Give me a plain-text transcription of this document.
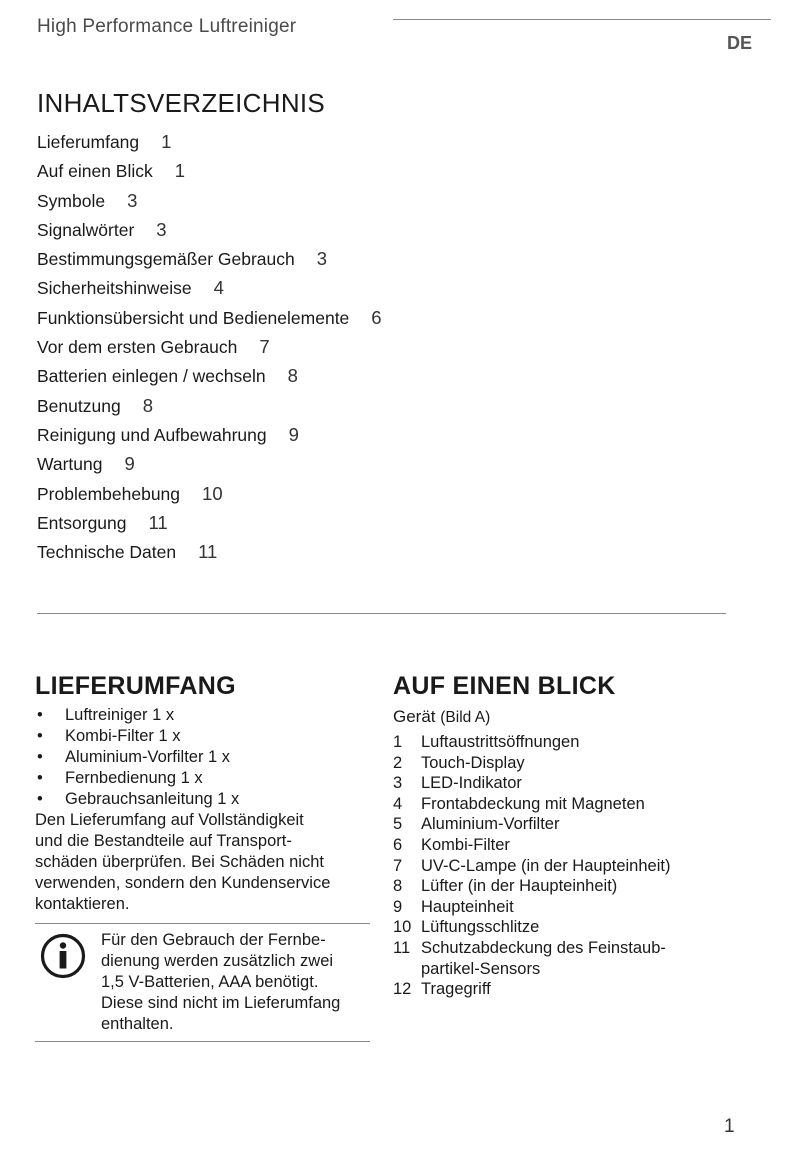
High Performance Luftreiniger
DE
INHALTSVERZEICHNIS
Lieferumfang 1
Auf einen Blick 1
Symbole 3
Signalwörter 3
Bestimmungsgemäßer Gebrauch 3
Sicherheitshinweise 4
Funktionsübersicht und Bedienelemente 6
Vor dem ersten Gebrauch 7
Batterien einlegen / wechseln 8
Benutzung 8
Reinigung und Aufbewahrung 9
Wartung 9
Problembehebung 10
Entsorgung 11
Technische Daten 11
LIEFERUMFANG
• Luftreiniger 1 x
• Kombi-Filter 1 x
• Aluminium-Vorfilter 1 x
• Fernbedienung 1 x
• Gebrauchsanleitung 1 x

Den Lieferumfang auf Vollständigkeit
und die Bestandteile auf Transport-
schäden überprüfen. Bei Schäden nicht
verwenden, sondern den Kundenservice
kontaktieren.

Für den Gebrauch der Fernbe-
dienung werden zusätzlich zwei
1,5 V-Batterien, AAA benötigt.
Diese sind nicht im Lieferumfang
enthalten.
AUF EINEN BLICK
Gerät (Bild A)
1	Luftaustrittsöffnungen
2	Touch-Display
3	LED-Indikator
4	Frontabdeckung mit Magneten
5	Aluminium-Vorfilter
6	Kombi-Filter
7	UV-C-Lampe (in der Haupteinheit)
8	Lüfter (in der Haupteinheit)
9	Haupteinheit
10 Lüftungsschlitze
11 Schutzabdeckung des Feinstaub-
partikel-Sensors
12 Tragegriff
1
